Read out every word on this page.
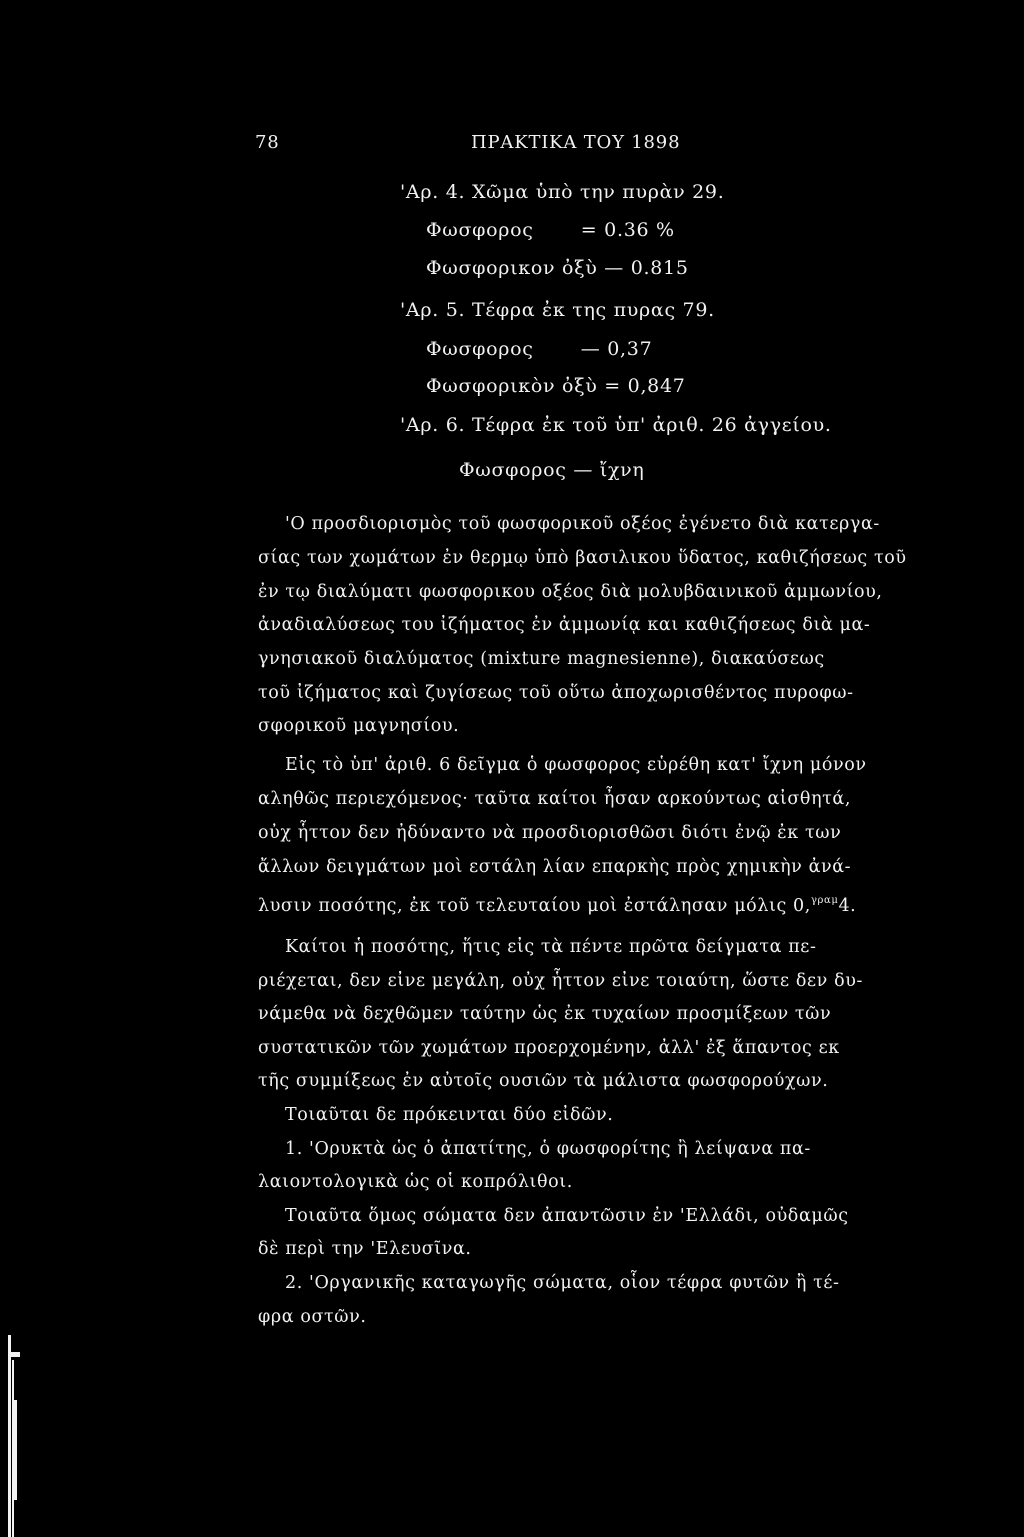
78	ΠΡΑΚΤΙΚΑ ΤΟΥ 1898
'Αρ. 4. Χῶμα ὑπὸ την πυρὰν 29.
Φωσφορος       = 0.36 %
Φωσφορικον ὀξὺ — 0.815
'Αρ. 5. Τέφρα ἐκ της πυρας 79.
Φωσφορος       — 0,37
Φωσφορικὸν ὀξὺ = 0,847
'Αρ. 6. Τέφρα ἐκ τοῦ ὑπ' ἀριθ. 26 ἀγγείου.
Φωσφορος — ἴχνη
'Ο προσδιορισμὸς τοῦ φωσφορικοῦ οξέος ἐγένετο διὰ κατεργα-
σίας των χωμάτων ἐν θερμῳ ὑπὸ βασιλικου ὕδατος, καθιζήσεως τοῦ
ἐν τῳ διαλύματι φωσφορικου οξέος διὰ μολυβδαινικοῦ ἀμμωνίου,
ἀναδιαλύσεως του ἰζήματος ἐν ἀμμωνίᾳ και καθιζήσεως διὰ μα-
γνησιακοῦ διαλύματος (mixture magnesienne), διακαύσεως
τοῦ ἰζήματος καὶ ζυγίσεως τοῦ οὕτω ἀποχωρισθέντος πυροφω-
σφορικοῦ μαγνησίου.
Εἰς τὸ ὑπ' ἀριθ. 6 δεῖγμα ὁ φωσφορος εὑρέθη κατ' ἴχνη μόνον
αληθῶς περιεχόμενος· ταῦτα καίτοι ἦσαν αρκούντως αἰσθητά,
οὐχ ἧττον δεν ἠδύναντο νὰ προσδιορισθῶσι διότι ἐνῷ ἐκ των
ἄλλων δειγμάτων μοὶ εστάλη λίαν επαρκὴς πρὸς χημικὴν ἀνά-
λυσιν ποσότης, ἐκ τοῦ τελευταίου μοὶ ἐστάλησαν μόλις 0,$^{\gamma\rho\alpha\mu}$4.
Καίτοι ἡ ποσότης, ἥτις εἰς τὰ πέντε πρῶτα δείγματα πε-
ριέχεται, δεν εἰνε μεγάλη, οὐχ ἧττον εἰνε τοιαύτη, ὥστε δεν δυ-
νάμεθα νὰ δεχθῶμεν ταύτην ὡς ἐκ τυχαίων προσμίξεων τῶν
συστατικῶν τῶν χωμάτων προερχομένην, ἀλλ' ἐξ ἅπαντος εκ
τῆς συμμίξεως ἐν αὐτοῖς ουσιῶν τὰ μάλιστα φωσφορούχων.
Τοιαῦται δε πρόκεινται δύο εἰδῶν.
1. 'Ορυκτὰ ὡς ὁ ἀπατίτης, ὁ φωσφορίτης ἢ λείψανα πα-
λαιοντολογικὰ ὡς οἱ κοπρόλιθοι.
Τοιαῦτα ὅμως σώματα δεν ἀπαντῶσιν ἐν 'Ελλάδι, οὐδαμῶς
δὲ περὶ την 'Ελευσῖνα.
2. 'Οργανικῆς καταγωγῆς σώματα, οἷον τέφρα φυτῶν ἢ τέ-
φρα οστῶν.
